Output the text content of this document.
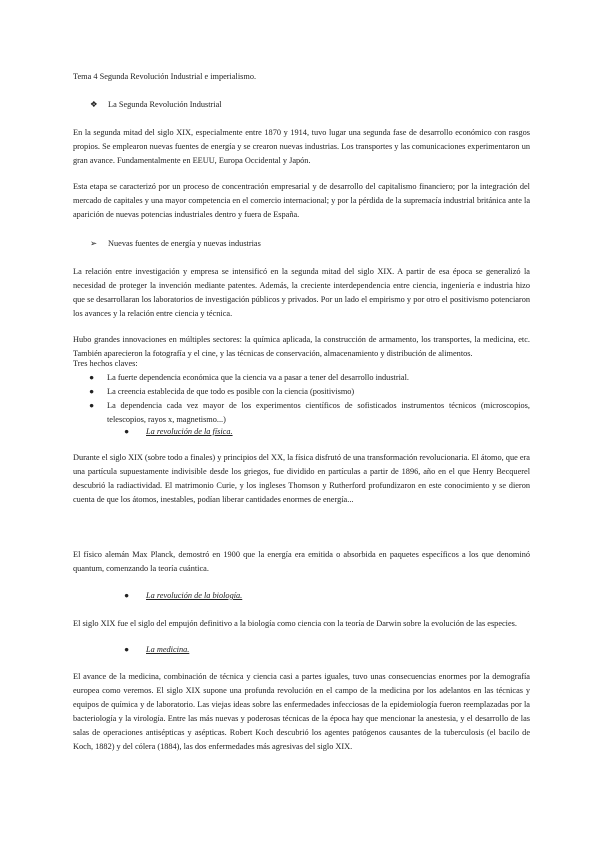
Tema 4 Segunda Revolución Industrial e imperialismo.

❖ La Segunda Revolución Industrial

En la segunda mitad del siglo XIX, especialmente entre 1870 y 1914, tuvo lugar una segunda fase de desarrollo económico con rasgos propios. Se emplearon nuevas fuentes de energía y se crearon nuevas industrias. Los transportes y las comunicaciones experimentaron un gran avance. Fundamentalmente en EEUU, Europa Occidental y Japón.

Esta etapa se caracterizó por un proceso de concentración empresarial y de desarrollo del capitalismo financiero; por la integración del mercado de capitales y una mayor competencia en el comercio internacional; y por la pérdida de la supremacía industrial británica ante la aparición de nuevas potencias industriales dentro y fuera de España.

➢ Nuevas fuentes de energía y nuevas industrias

La relación entre investigación y empresa se intensificó en la segunda mitad del siglo XIX. A partir de esa época se generalizó la necesidad de proteger la invención mediante patentes. Además, la creciente interdependencia entre ciencia, ingeniería e industria hizo que se desarrollaran los laboratorios de investigación públicos y privados. Por un lado el empirismo y por otro el positivismo potenciaron los avances y la relación entre ciencia y técnica.

Hubo grandes innovaciones en múltiples sectores: la química aplicada, la construcción de armamento, los transportes, la medicina, etc. También aparecieron la fotografía y el cine, y las técnicas de conservación, almacenamiento y distribución de alimentos.

Tres hechos claves:

● La fuerte dependencia económica que la ciencia va a pasar a tener del desarrollo industrial.
● La creencia establecida de que todo es posible con la ciencia (positivismo)
● La dependencia cada vez mayor de los experimentos científicos de sofisticados instrumentos técnicos (microscopios, telescopios, rayos x, magnetismo...)
● La revolución de la física.

Durante el siglo XIX (sobre todo a finales) y principios del XX, la física disfrutó de una transformación revolucionaria. El átomo, que era una partícula supuestamente indivisible desde los griegos, fue dividido en partículas a partir de 1896, año en el que Henry Becquerel descubrió la radiactividad. El matrimonio Curie, y los ingleses Thomson y Rutherford profundizaron en este conocimiento y se dieron cuenta de que los átomos, inestables, podían liberar cantidades enormes de energía...

El físico alemán Max Planck, demostró en 1900 que la energía era emitida o absorbida en paquetes específicos a los que denominó quantum, comenzando la teoría cuántica.

● La revolución de la biología.

El siglo XIX fue el siglo del empujón definitivo a la biología como ciencia con la teoría de Darwin sobre la evolución de las especies.

● La medicina.

El avance de la medicina, combinación de técnica y ciencia casi a partes iguales, tuvo unas consecuencias enormes por la demografía europea como veremos. El siglo XIX supone una profunda revolución en el campo de la medicina por los adelantos en las técnicas y equipos de química y de laboratorio. Las viejas ideas sobre las enfermedades infecciosas de la epidemiología fueron reemplazadas por la bacteriología y la virología. Entre las más nuevas y poderosas técnicas de la época hay que mencionar la anestesia, y el desarrollo de las salas de operaciones antisépticas y asépticas. Robert Koch descubrió los agentes patógenos causantes de la tuberculosis (el bacilo de Koch, 1882) y del cólera (1884), las dos enfermedades más agresivas del siglo XIX.
